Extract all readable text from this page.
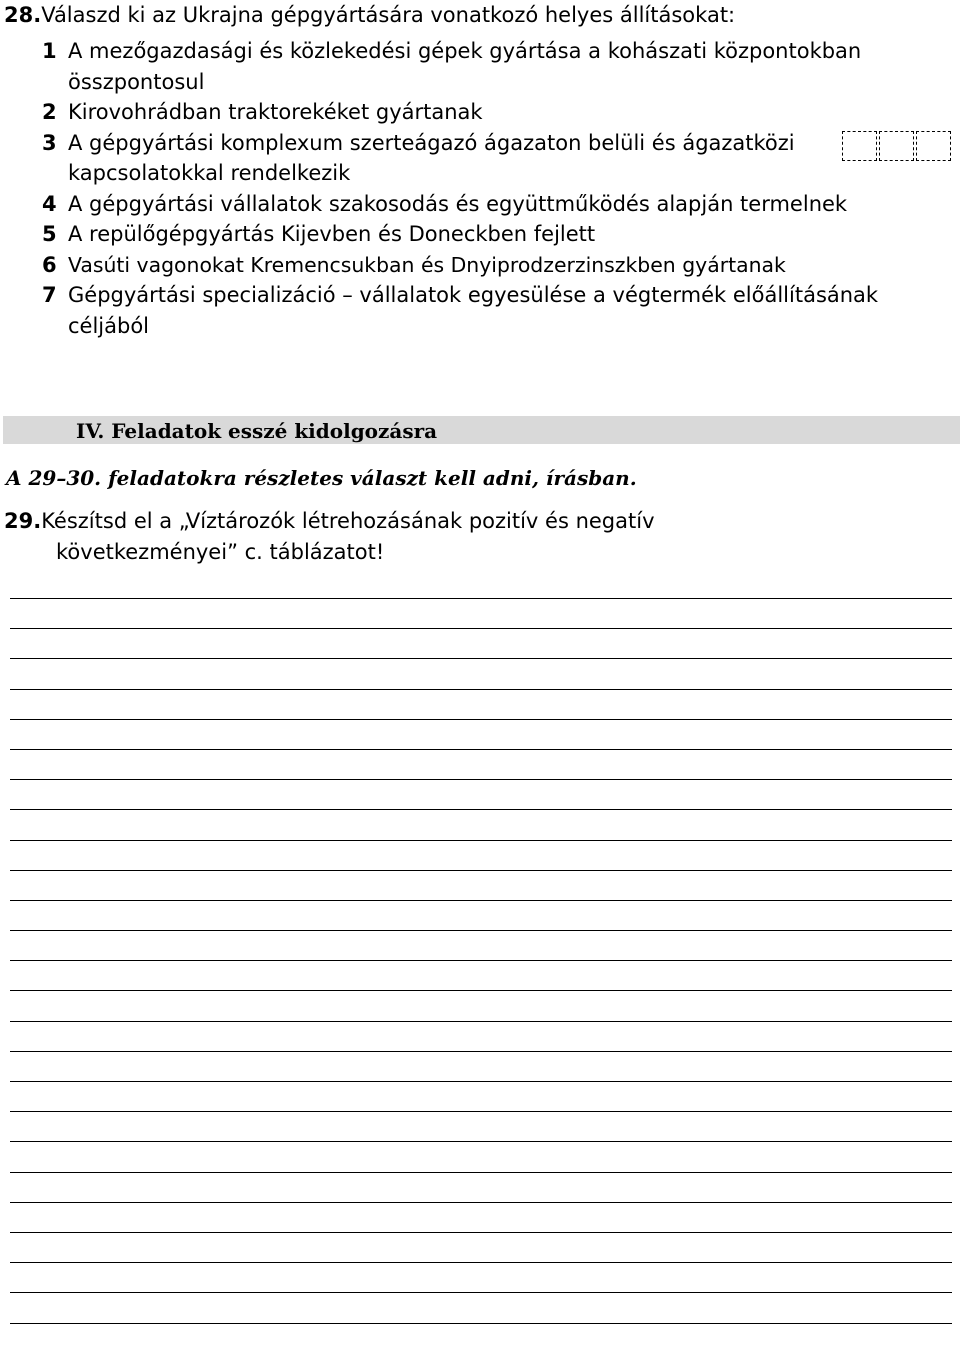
28.Válaszd ki az Ukrajna gépgyártására vonatkozó helyes állításokat:
1 A mezőgazdasági és közlekedési gépek gyártása a kohászati központokban összpontosul
2 Kirovohrádban traktorekéket gyártanak
3 A gépgyártási komplexum szerteágazó ágazaton belüli és ágazatközi kapcsolatokkal rendelkezik
4 A gépgyártási vállalatok szakosodás és együttműködés alapján termelnek
5 A repülőgépgyártás Kijevben és Doneckben fejlett
6 Vasúti vagonokat Kremencsukban és Dnyiprodzerzinszkben gyártanak
7 Gépgyártási specializáció – vállalatok egyesülése a végtermék előállításának céljából
IV. Feladatok esszé kidolgozásra
A 29–30. feladatokra részletes választ kell adni, írásban.
29.Készítsd el a „Víztározók létrehozásának pozitív és negatív
következményei” c. táblázatot!
